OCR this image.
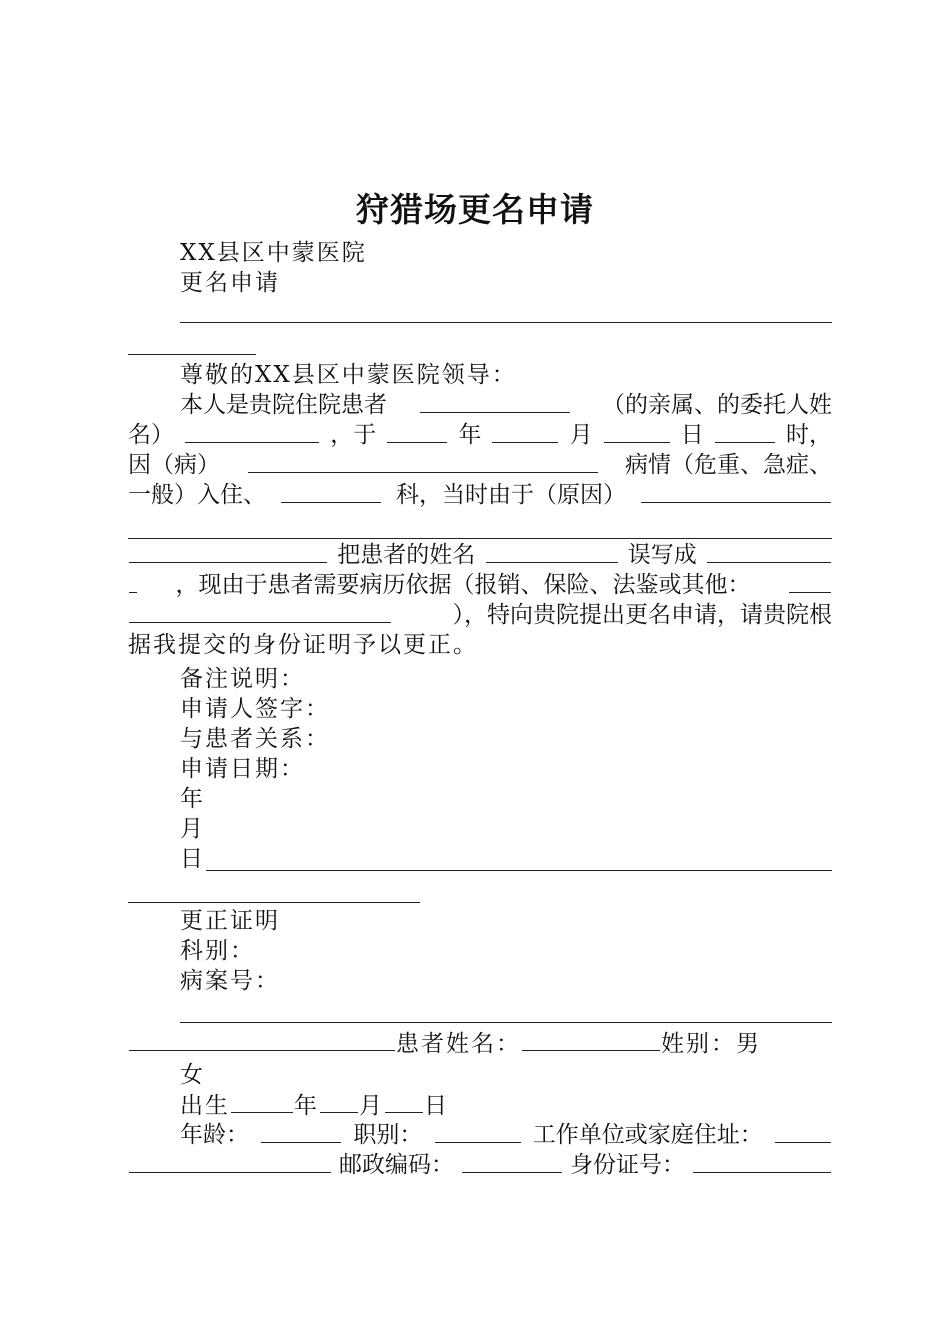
狩猎场更名申请
XX县区中蒙医院
更名申请
尊敬的XX县区中蒙医院领导：
本人是贵院住院患者	（的亲属、的委托人姓
名）	，于	年	月	日	时，
因（病）	病情（危重、急症、
一般）入住、	科，当时由于（原因）
把患者的姓名	误写成
，现由于患者需要病历依据（报销、保险、法鉴或其他：
），特向贵院提出更名申请，请贵院根
据我提交的身份证明予以更正。
备注说明：
申请人签字：
与患者关系：
申请日期：
年
月
日
更正证明
科别：
病案号：
患者姓名：	姓别：男
女
出生	年 月 日
年龄：	职别：	工作单位或家庭住址：
邮政编码：	身份证号：
